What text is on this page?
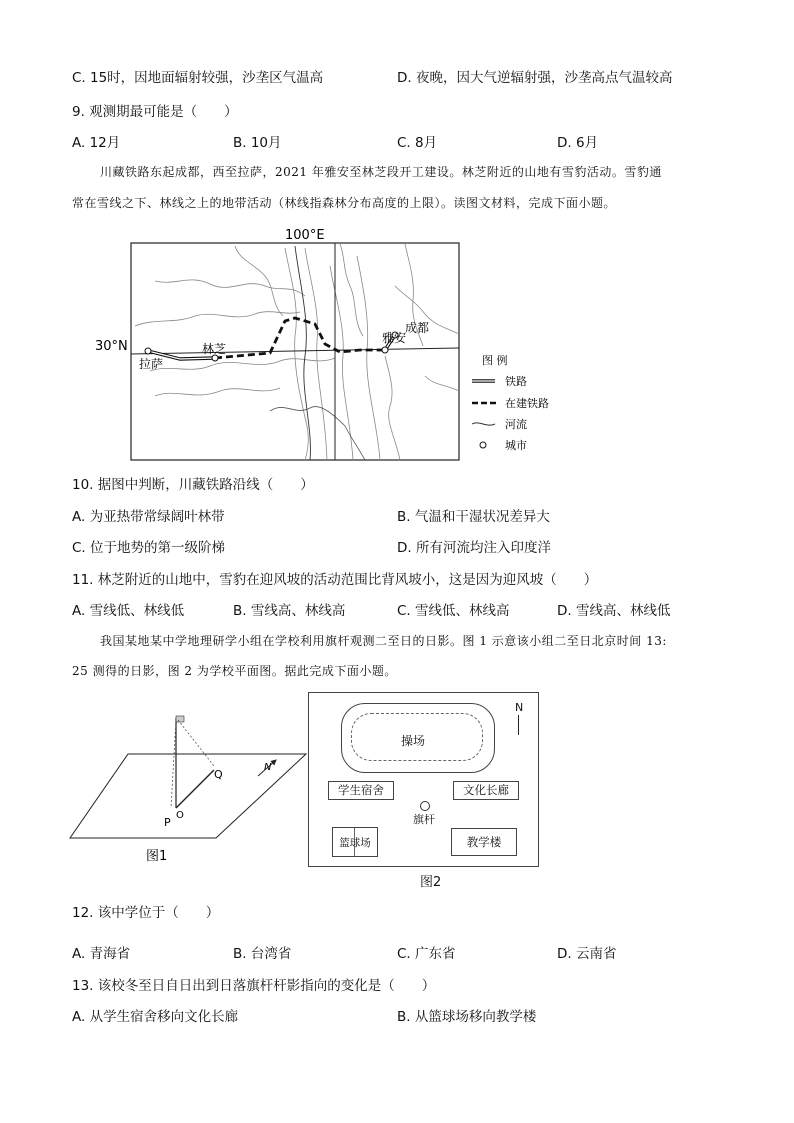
C. 15时，因地面辐射较强，沙垄区气温高	D. 夜晚，因大气逆辐射强，沙垄高点气温较高
9. 观测期最可能是（　　）
A. 12月	B. 10月	C. 8月	D. 6月
川藏铁路东起成都，西至拉萨，2021 年雅安至林芝段开工建设。林芝附近的山地有雪豹活动。雪豹通
常在雪线之下、林线之上的地带活动（林线指森林分布高度的上限）。读图文材料，完成下面小题。
100°E
30°N
拉萨
林芝
雅安
成都
图 例
铁路
在建铁路
河流
城市
10. 据图中判断，川藏铁路沿线（　　）
A. 为亚热带常绿阔叶林带	B. 气温和干湿状况差异大
C. 位于地势的第一级阶梯	D. 所有河流均注入印度洋
11. 林芝附近的山地中，雪豹在迎风坡的活动范围比背风坡小，这是因为迎风坡（　　）
A. 雪线低、林线低	B. 雪线高、林线高	C. 雪线低、林线高	D. 雪线高、林线低
我国某地某中学地理研学小组在学校利用旗杆观测二至日的日影。图 1 示意该小组二至日北京时间 13:
25 测得的日影，图 2 为学校平面图。据此完成下面小题。
Q
O
P
N
图1
操场
N
学生宿舍	文化长廊
旗杆
篮球场	教学楼
图2
12. 该中学位于（　　）
A. 青海省	B. 台湾省	C. 广东省	D. 云南省
13. 该校冬至日自日出到日落旗杆杆影指向的变化是（　　）
A. 从学生宿舍移向文化长廊	B. 从篮球场移向教学楼
